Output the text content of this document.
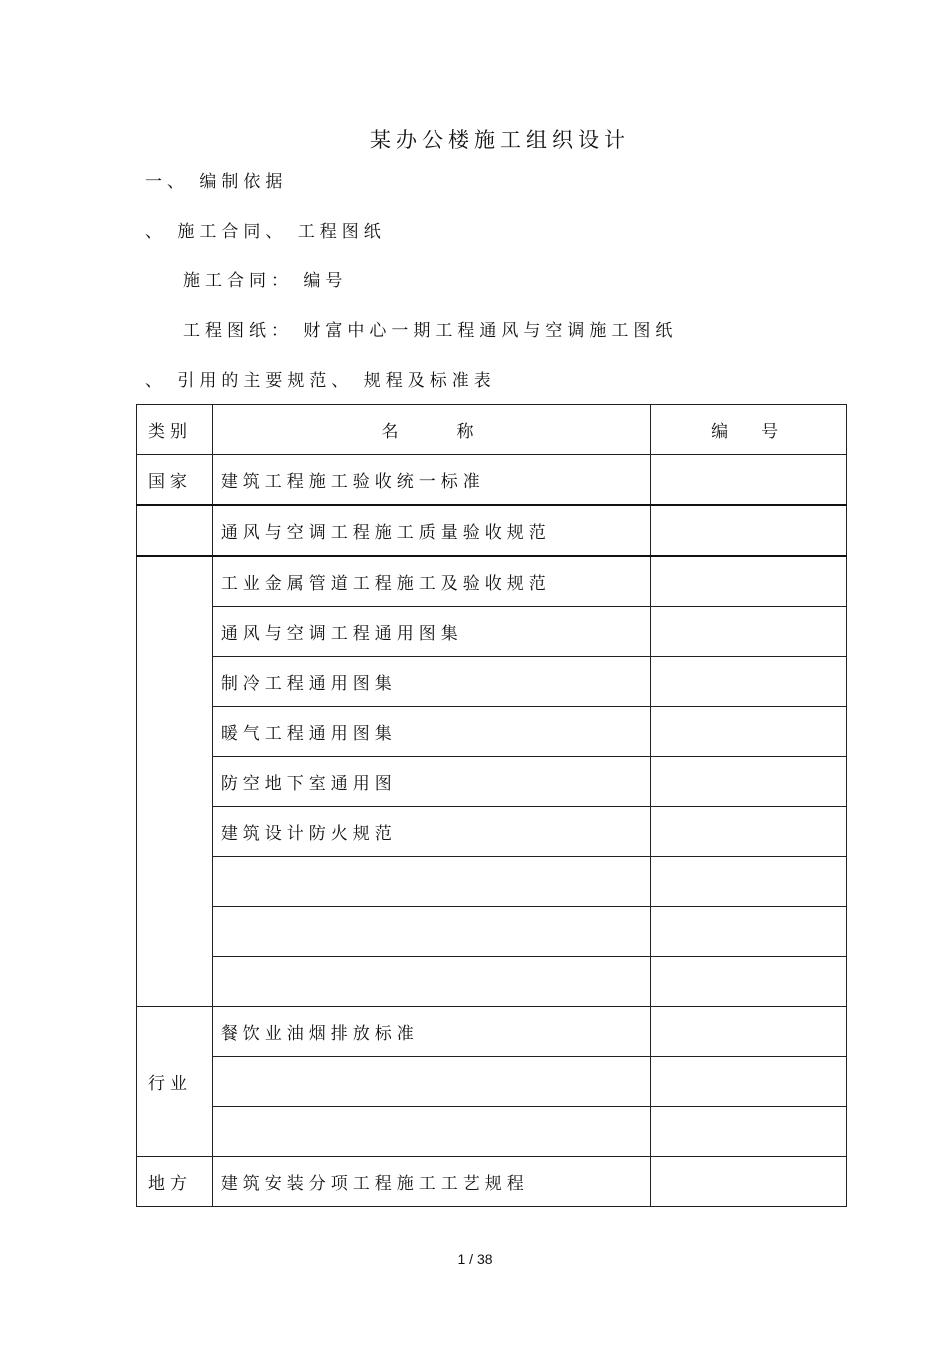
某办公楼施工组织设计
一、 编制依据
、 施工合同、 工程图纸
施工合同： 编号
工程图纸： 财富中心一期工程通风与空调施工图纸
、 引用的主要规范、 规程及标准表
类别	名　　称	编　号
国家	建筑工程施工验收统一标准	
	通风与空调工程施工质量验收规范	
	工业金属管道工程施工及验收规范	
	通风与空调工程通用图集	
	制冷工程通用图集	
	暖气工程通用图集	
	防空地下室通用图	
	建筑设计防火规范	

行业	餐饮业油烟排放标准	

地方	建筑安装分项工程施工工艺规程	
1 / 38
